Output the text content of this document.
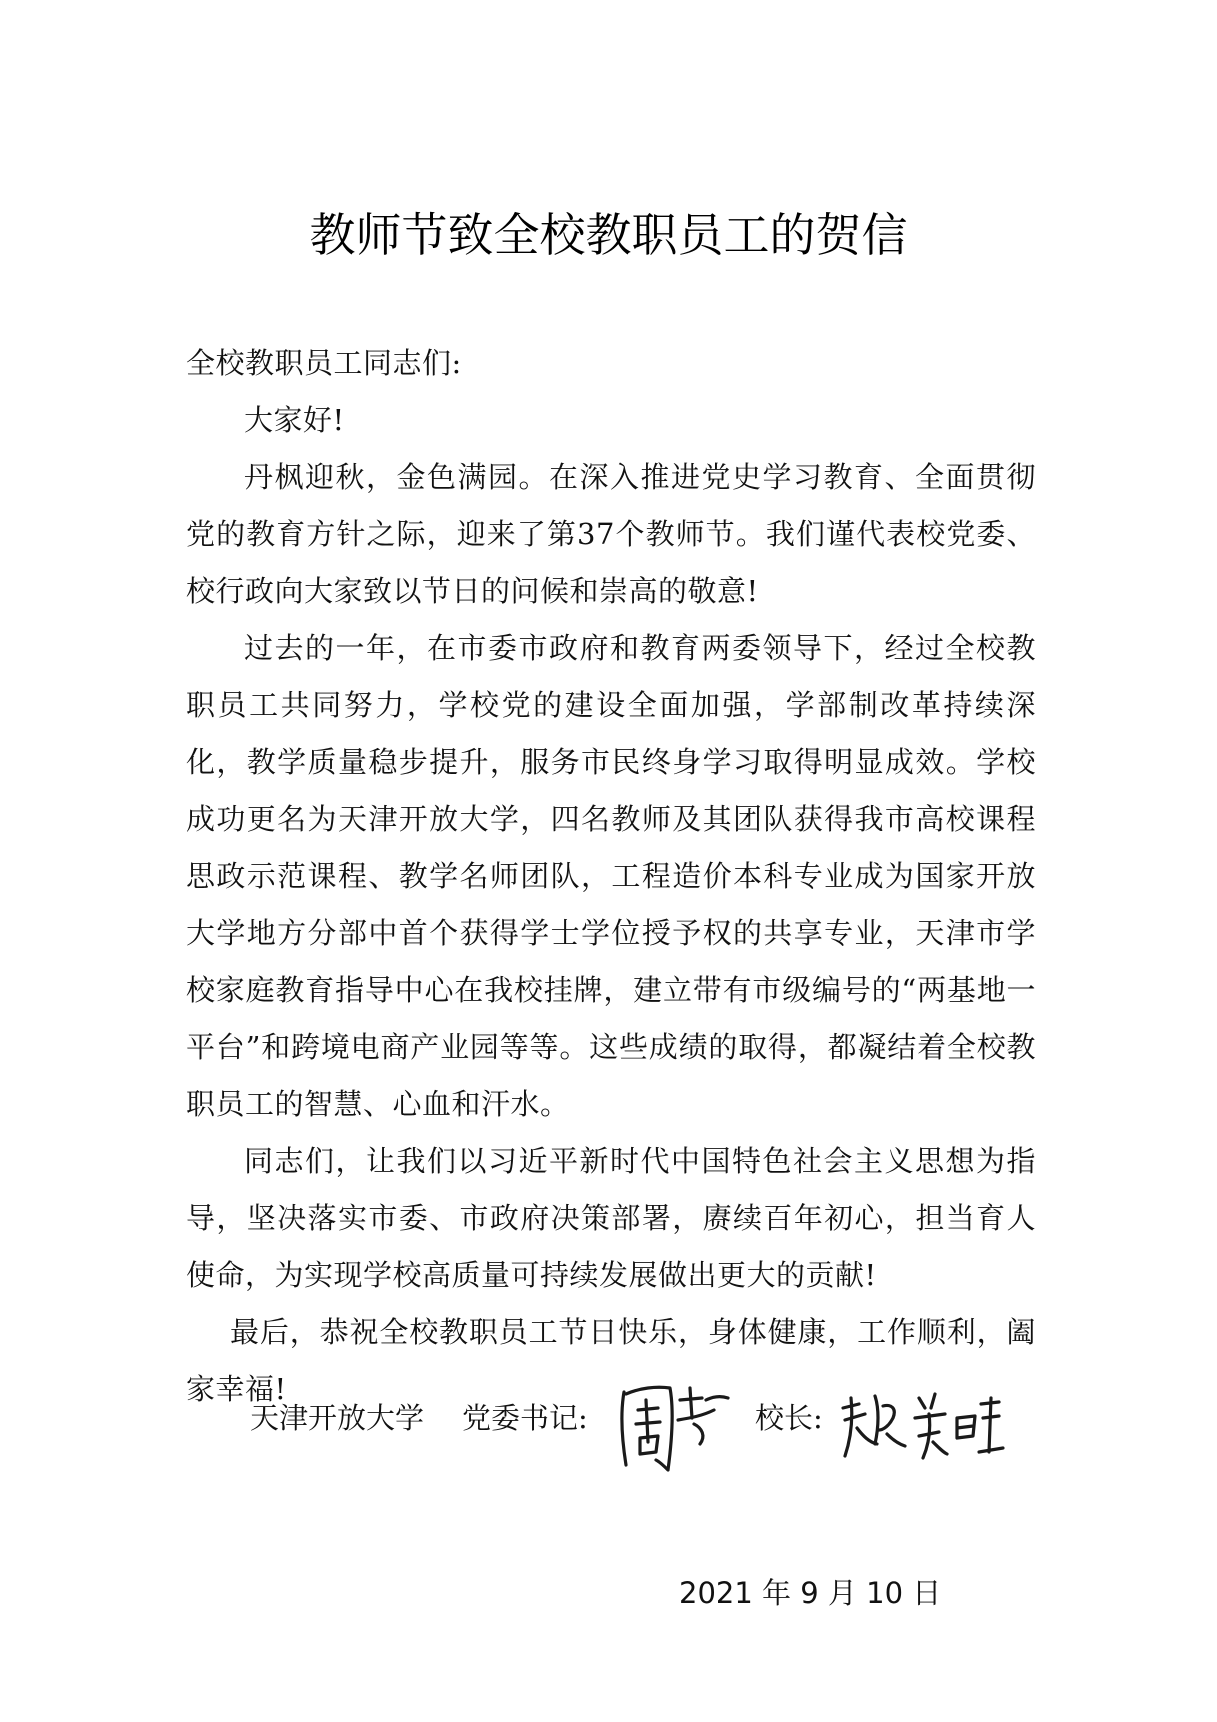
教师节致全校教职员工的贺信

全校教职员工同志们:

大家好!

丹枫迎秋，金色满园。在深入推进党史学习教育、全面贯彻党的教育方针之际，迎来了第37个教师节。我们谨代表校党委、校行政向大家致以节日的问候和崇高的敬意!

过去的一年，在市委市政府和教育两委领导下，经过全校教职员工共同努力，学校党的建设全面加强，学部制改革持续深化，教学质量稳步提升，服务市民终身学习取得明显成效。学校成功更名为天津开放大学，四名教师及其团队获得我市高校课程思政示范课程、教学名师团队，工程造价本科专业成为国家开放大学地方分部中首个获得学士学位授予权的共享专业，天津市学校家庭教育指导中心在我校挂牌，建立带有市级编号的“两基地一平台”和跨境电商产业园等等。这些成绩的取得，都凝结着全校教职员工的智慧、心血和汗水。

同志们，让我们以习近平新时代中国特色社会主义思想为指导，坚决落实市委、市政府决策部署，赓续百年初心，担当育人使命，为实现学校高质量可持续发展做出更大的贡献!

最后，恭祝全校教职员工节日快乐，身体健康，工作顺利，阖家幸福!

天津开放大学 党委书记:	校长:
2021 年 9 月 10 日
